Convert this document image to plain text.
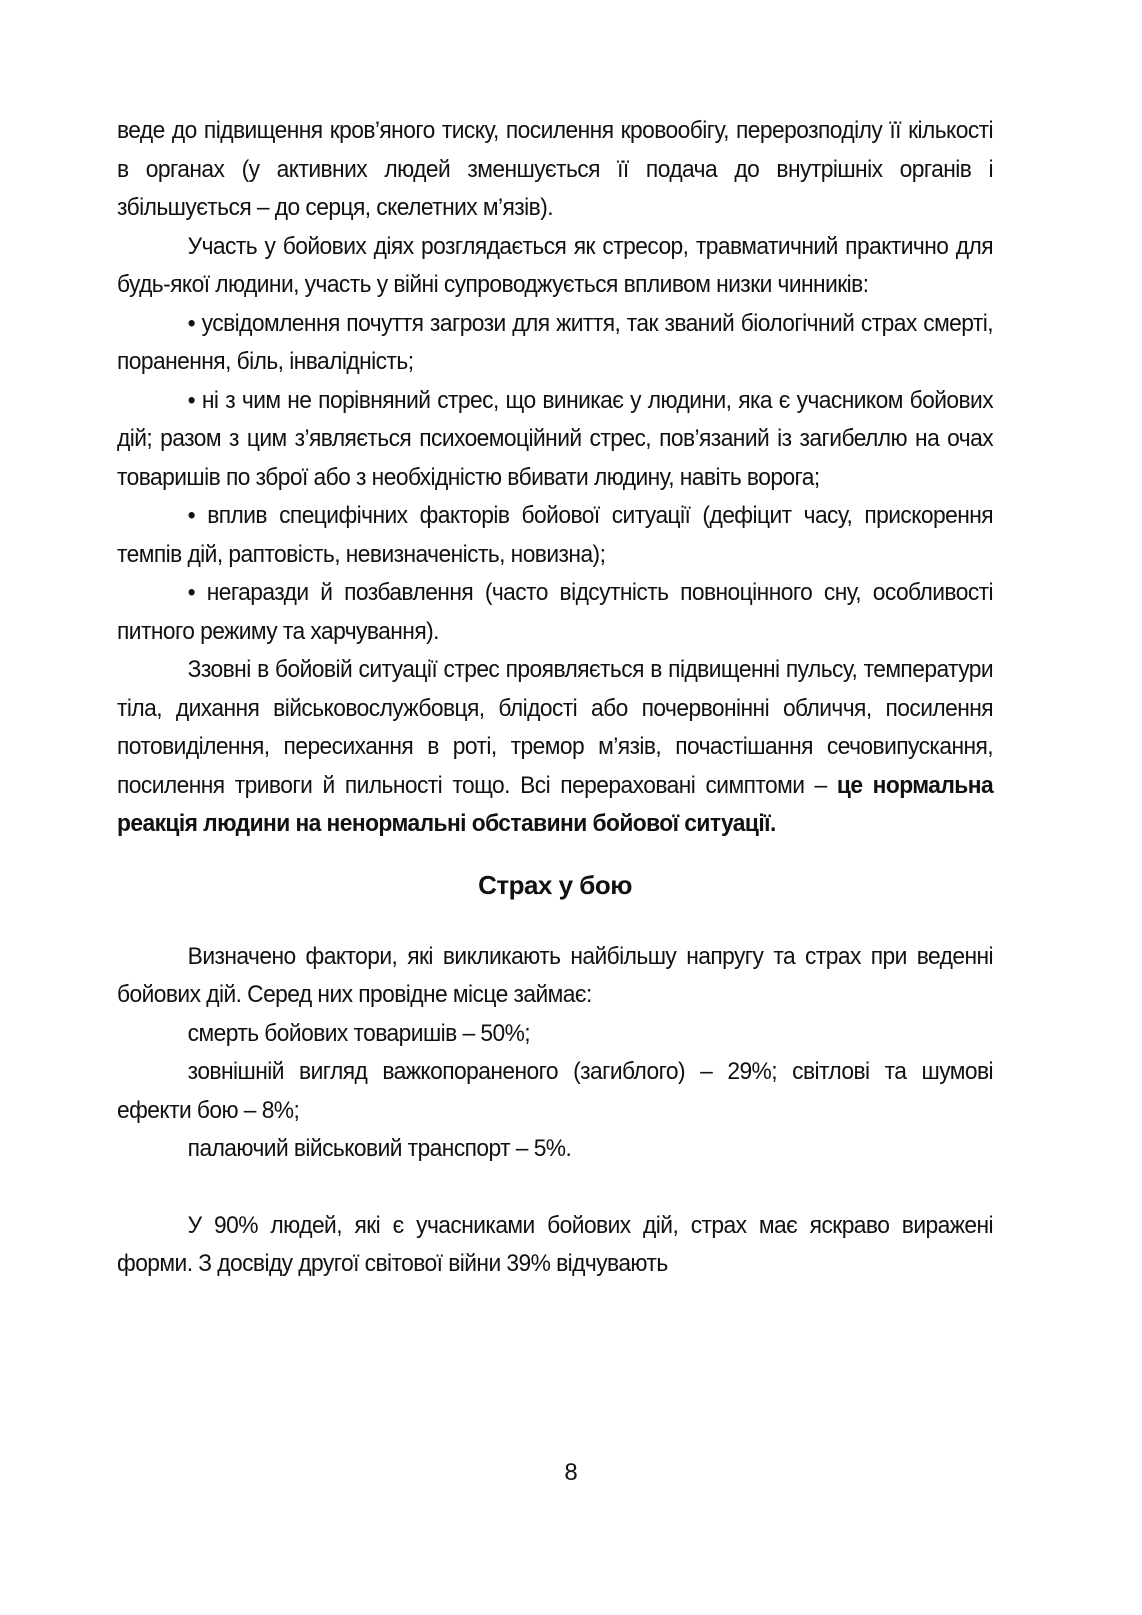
веде до підвищення кров’яного тиску, посилення кровообігу, перерозподілу її кількості в органах (у активних людей зменшується її подача до внутрішніх органів і збільшується – до серця, скелетних м’язів).

Участь у бойових діях розглядається як стресор, травматичний практично для будь-якої людини, участь у війні супроводжується впливом низки чинників:

• усвідомлення почуття загрози для життя, так званий біологічний страх смерті, поранення, біль, інвалідність;

• ні з чим не порівняний стрес, що виникає у людини, яка є учасником бойових дій; разом з цим з’являється психоемоційний стрес, пов’язаний із загибеллю на очах товаришів по зброї або з необхідністю вбивати людину, навіть ворога;

• вплив специфічних факторів бойової ситуації (дефіцит часу, прискорення темпів дій, раптовість, невизначеність, новизна);

• негаразди й позбавлення (часто відсутність повноцінного сну, особливості питного режиму та харчування).

Ззовні в бойовій ситуації стрес проявляється в підвищенні пульсу, температури тіла, дихання військовослужбовця, блідості або почервонінні обличчя, посилення потовиділення, пересихання в роті, тремор м’язів, почастішання сечовипускання, посилення тривоги й пильності тощо. Всі перераховані симптоми – це нормальна реакція людини на ненормальні обставини бойової ситуації.

Страх у бою

Визначено фактори, які викликають найбільшу напругу та страх при веденні бойових дій. Серед них провідне місце займає:

смерть бойових товаришів – 50%;

зовнішній вигляд важкопораненого (загиблого) – 29%; світлові та шумові ефекти бою – 8%;

палаючий військовий транспорт – 5%.

У 90% людей, які є учасниками бойових дій, страх має яскраво виражені форми. З досвіду другої світової війни 39% відчувають

8
